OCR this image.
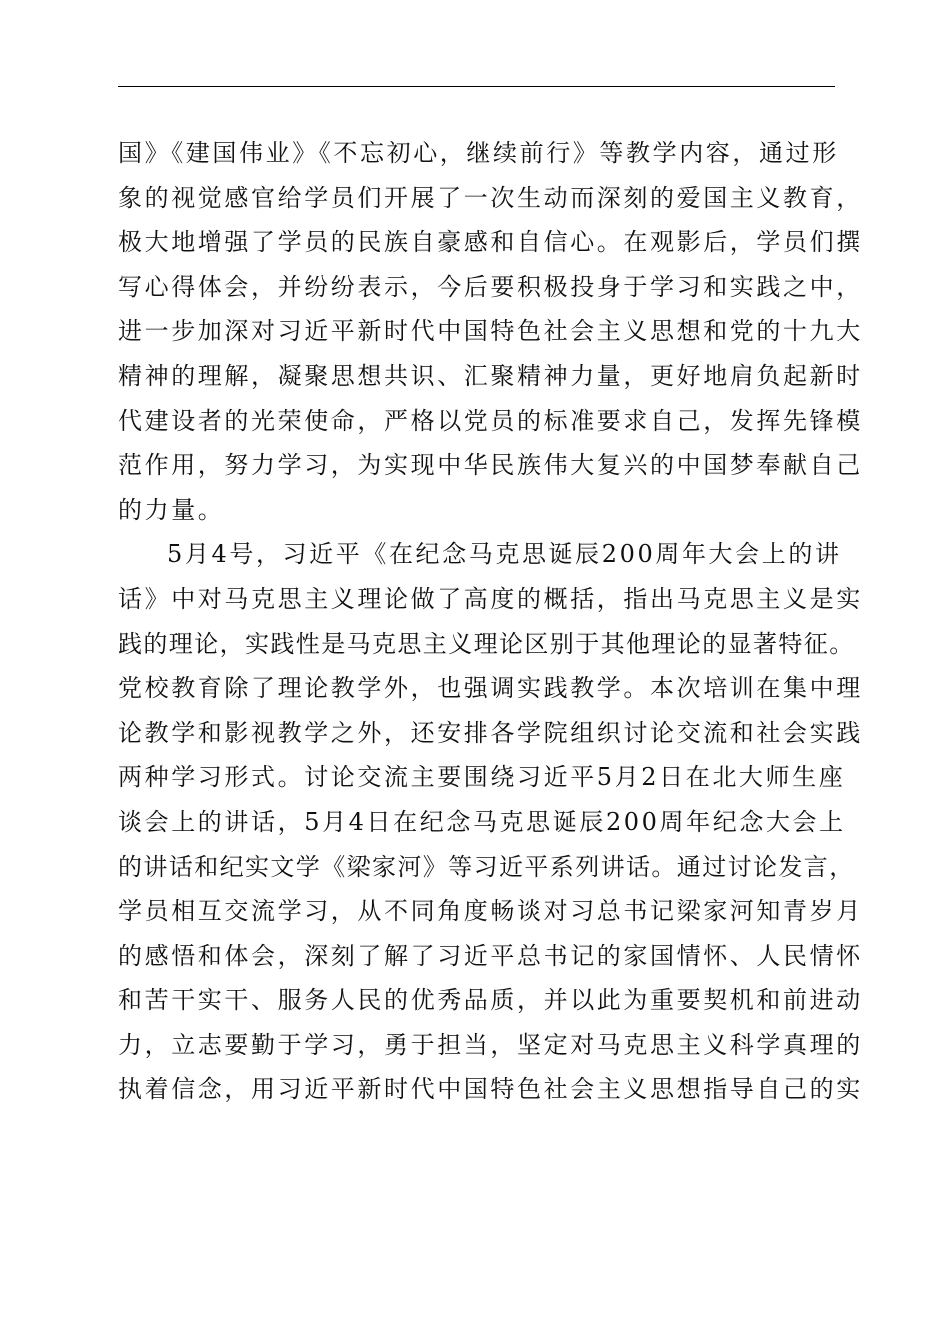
国》《建国伟业》《不忘初心，继续前行》等教学内容，通过形
象的视觉感官给学员们开展了一次生动而深刻的爱国主义教育，
极大地增强了学员的民族自豪感和自信心。在观影后，学员们撰
写心得体会，并纷纷表示，今后要积极投身于学习和实践之中，
进一步加深对习近平新时代中国特色社会主义思想和党的十九大
精神的理解，凝聚思想共识、汇聚精神力量，更好地肩负起新时
代建设者的光荣使命，严格以党员的标准要求自己，发挥先锋模
范作用，努力学习，为实现中华民族伟大复兴的中国梦奉献自己
的力量。
5月4号，习近平《在纪念马克思诞辰200周年大会上的讲
话》中对马克思主义理论做了高度的概括，指出马克思主义是实
践的理论，实践性是马克思主义理论区别于其他理论的显著特征。
党校教育除了理论教学外，也强调实践教学。本次培训在集中理
论教学和影视教学之外，还安排各学院组织讨论交流和社会实践
两种学习形式。讨论交流主要围绕习近平5月2日在北大师生座
谈会上的讲话，5月4日在纪念马克思诞辰200周年纪念大会上
的讲话和纪实文学《梁家河》等习近平系列讲话。通过讨论发言，
学员相互交流学习，从不同角度畅谈对习总书记梁家河知青岁月
的感悟和体会，深刻了解了习近平总书记的家国情怀、人民情怀
和苦干实干、服务人民的优秀品质，并以此为重要契机和前进动
力，立志要勤于学习，勇于担当，坚定对马克思主义科学真理的
执着信念，用习近平新时代中国特色社会主义思想指导自己的实
